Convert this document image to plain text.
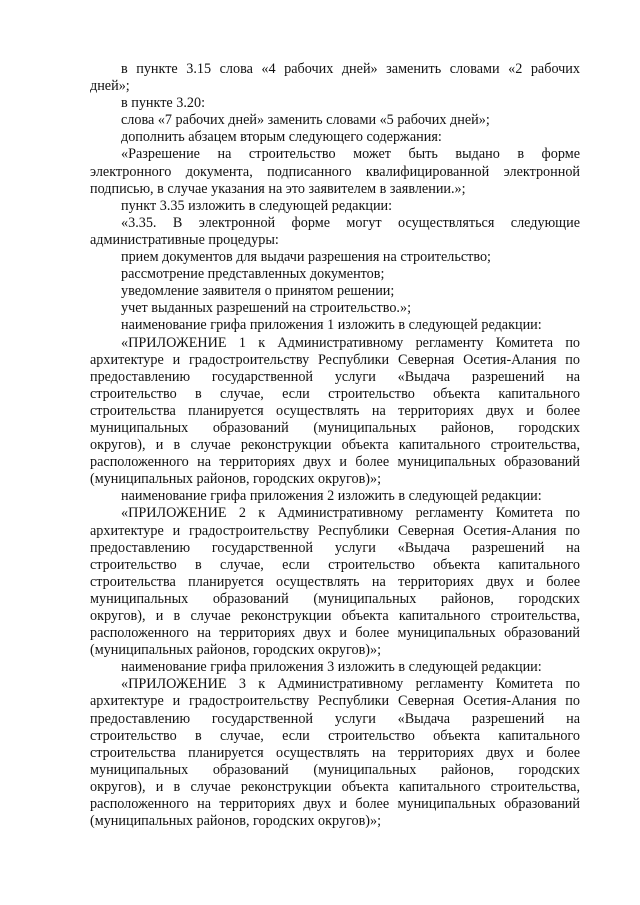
в пункте 3.15 слова «4 рабочих дней» заменить словами «2 рабочих
дней»;
в пункте 3.20:
слова «7 рабочих дней» заменить словами «5 рабочих дней»;
дополнить абзацем вторым следующего содержания:
«Разрешение на строительство может быть выдано в форме
электронного документа, подписанного квалифицированной электронной
подписью, в случае указания на это заявителем в заявлении.»;
пункт 3.35 изложить в следующей редакции:
«3.35. В электронной форме могут осуществляться следующие
административные процедуры:
прием документов для выдачи разрешения на строительство;
рассмотрение представленных документов;
уведомление заявителя о принятом решении;
учет выданных разрешений на строительство.»;
наименование грифа приложения 1 изложить в следующей редакции:
«ПРИЛОЖЕНИЕ 1 к Административному регламенту Комитета по
архитектуре и градостроительству Республики Северная Осетия-Алания по
предоставлению государственной услуги «Выдача разрешений на
строительство в случае, если строительство объекта капитального
строительства планируется осуществлять на территориях двух и более
муниципальных образований (муниципальных районов, городских
округов), и в случае реконструкции объекта капитального строительства,
расположенного на территориях двух и более муниципальных образований
(муниципальных районов, городских округов)»;
наименование грифа приложения 2 изложить в следующей редакции:
«ПРИЛОЖЕНИЕ 2 к Административному регламенту Комитета по
архитектуре и градостроительству Республики Северная Осетия-Алания по
предоставлению государственной услуги «Выдача разрешений на
строительство в случае, если строительство объекта капитального
строительства планируется осуществлять на территориях двух и более
муниципальных образований (муниципальных районов, городских
округов), и в случае реконструкции объекта капитального строительства,
расположенного на территориях двух и более муниципальных образований
(муниципальных районов, городских округов)»;
наименование грифа приложения 3 изложить в следующей редакции:
«ПРИЛОЖЕНИЕ 3 к Административному регламенту Комитета по
архитектуре и градостроительству Республики Северная Осетия-Алания по
предоставлению государственной услуги «Выдача разрешений на
строительство в случае, если строительство объекта капитального
строительства планируется осуществлять на территориях двух и более
муниципальных образований (муниципальных районов, городских
округов), и в случае реконструкции объекта капитального строительства,
расположенного на территориях двух и более муниципальных образований
(муниципальных районов, городских округов)»;
